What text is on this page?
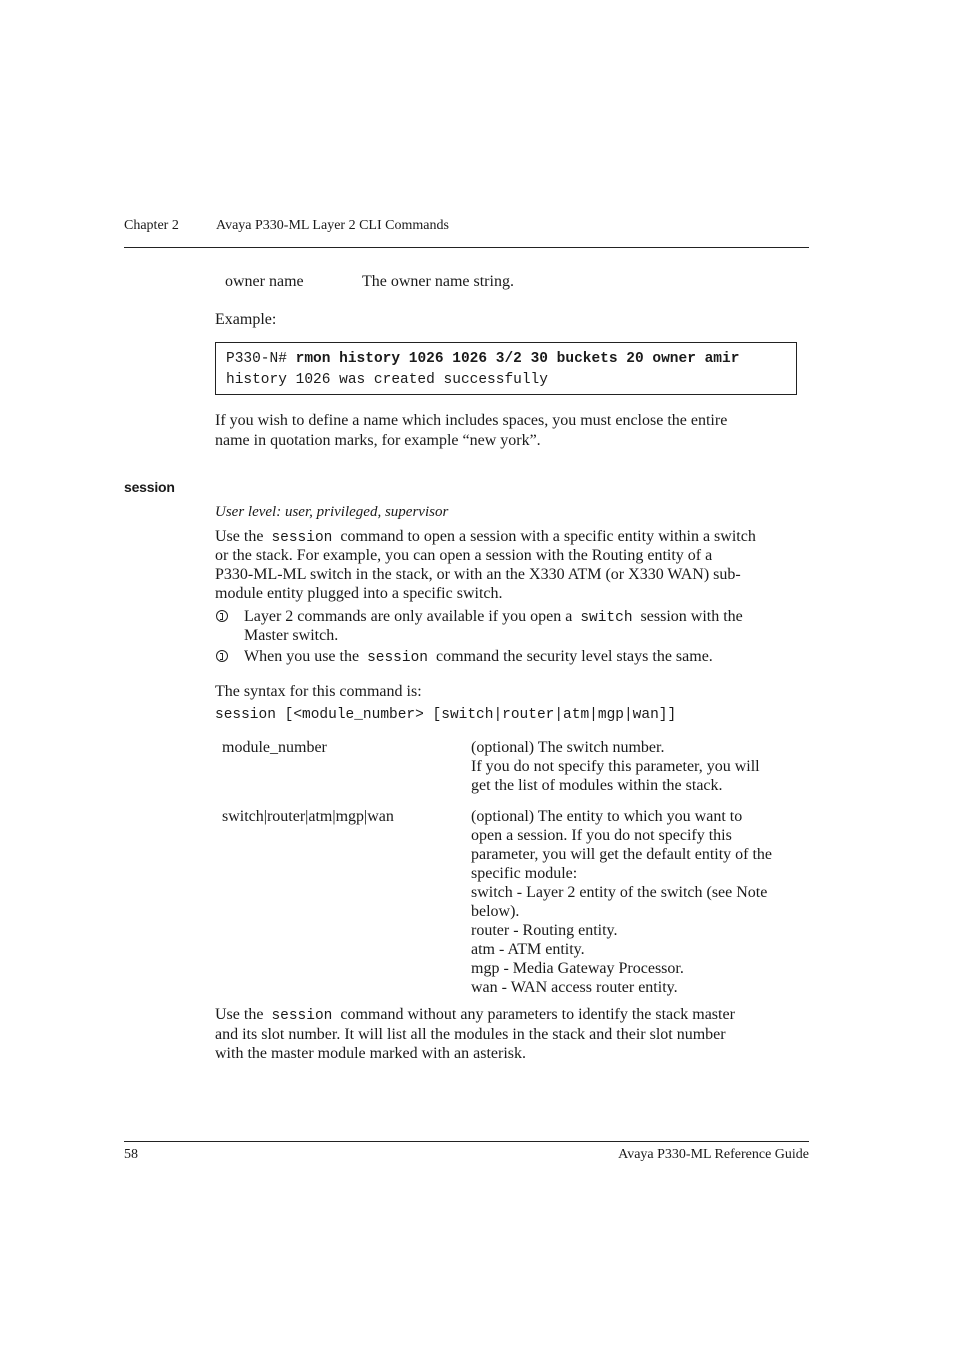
Chapter 2	Avaya P330-ML Layer 2 CLI Commands
owner name	The owner name string.
Example:
P330-N# rmon history 1026 1026 3/2 30 buckets 20 owner amir
history 1026 was created successfully
If you wish to define a name which includes spaces, you must enclose the entire
name in quotation marks, for example “new york”.
session
User level: user, privileged, supervisor
Use the session command to open a session with a specific entity within a switch
or the stack. For example, you can open a session with the Routing entity of a
P330-ML-ML switch in the stack, or with an the X330 ATM (or X330 WAN) sub-
module entity plugged into a specific switch.
Layer 2 commands are only available if you open a switch session with the
Master switch.
When you use the session command the security level stays the same.
The syntax for this command is:
session [<module_number> [switch|router|atm|mgp|wan]]
module_number	(optional) The switch number.
If you do not specify this parameter, you will
get the list of modules within the stack.
switch|router|atm|mgp|wan	(optional) The entity to which you want to
open a session. If you do not specify this
parameter, you will get the default entity of the
specific module:
switch - Layer 2 entity of the switch (see Note
below).
router - Routing entity.
atm - ATM entity.
mgp - Media Gateway Processor.
wan - WAN access router entity.
Use the session command without any parameters to identify the stack master
and its slot number. It will list all the modules in the stack and their slot number
with the master module marked with an asterisk.
58	Avaya P330-ML Reference Guide
